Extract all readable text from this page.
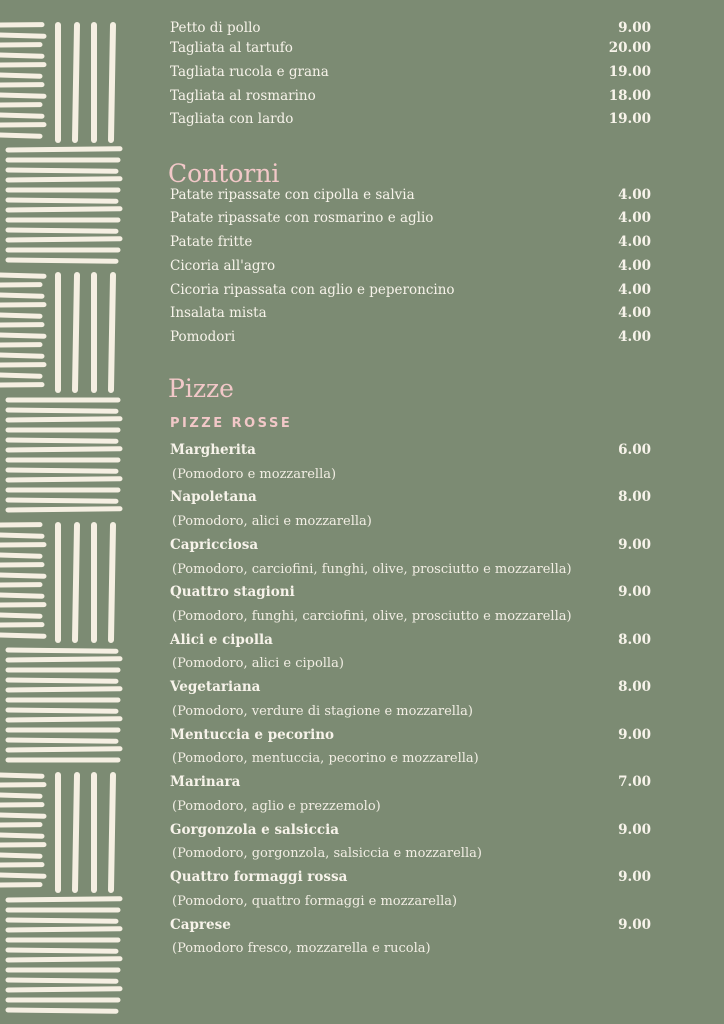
Petto di pollo	9.00
Tagliata al tartufo	20.00
Tagliata rucola e grana	19.00
Tagliata al rosmarino	18.00
Tagliata con lardo	19.00
Contorni
Patate ripassate con cipolla e salvia	4.00
Patate ripassate con rosmarino e aglio	4.00
Patate fritte	4.00
Cicoria all'agro	4.00
Cicoria ripassata con aglio e peperoncino	4.00
Insalata mista	4.00
Pomodori	4.00
Pizze
PIZZE ROSSE
Margherita	6.00
(Pomodoro e mozzarella)
Napoletana	8.00
(Pomodoro, alici e mozzarella)
Capricciosa	9.00
(Pomodoro, carciofini, funghi, olive, prosciutto e mozzarella)
Quattro stagioni	9.00
(Pomodoro, funghi, carciofini, olive, prosciutto e mozzarella)
Alici e cipolla	8.00
(Pomodoro, alici e cipolla)
Vegetariana	8.00
(Pomodoro, verdure di stagione e mozzarella)
Mentuccia e pecorino	9.00
(Pomodoro, mentuccia, pecorino e mozzarella)
Marinara	7.00
(Pomodoro, aglio e prezzemolo)
Gorgonzola e salsiccia	9.00
(Pomodoro, gorgonzola, salsiccia e mozzarella)
Quattro formaggi rossa	9.00
(Pomodoro, quattro formaggi e mozzarella)
Caprese	9.00
(Pomodoro fresco, mozzarella e rucola)
